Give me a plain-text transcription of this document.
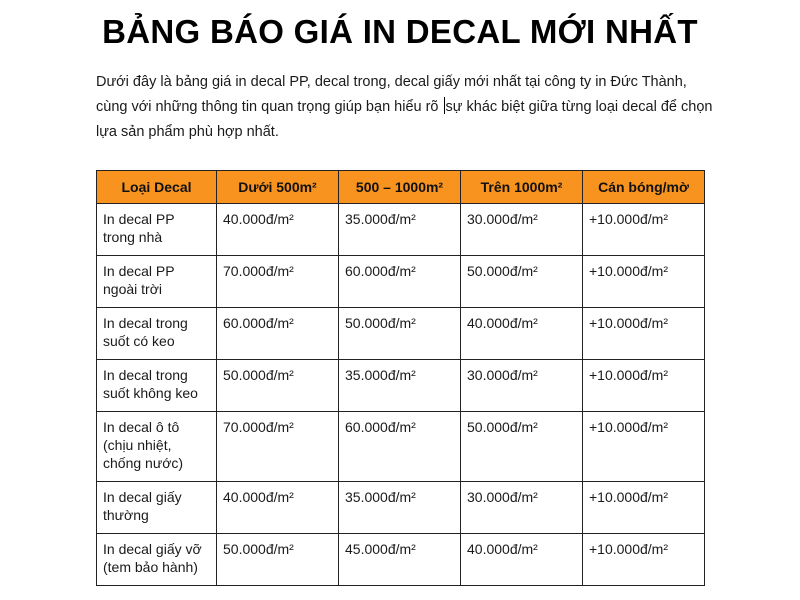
BẢNG BÁO GIÁ IN DECAL MỚI NHẤT

Dưới đây là bảng giá in decal PP, decal trong, decal giấy mới nhất tại công ty in Đức Thành, cùng với những thông tin quan trọng giúp bạn hiểu rõ sự khác biệt giữa từng loại decal để chọn lựa sản phẩm phù hợp nhất.

Loại Decal	Dưới 500m²	500 – 1000m²	Trên 1000m²	Cán bóng/mờ
In decal PP trong nhà	40.000đ/m²	35.000đ/m²	30.000đ/m²	+10.000đ/m²
In decal PP ngoài trời	70.000đ/m²	60.000đ/m²	50.000đ/m²	+10.000đ/m²
In decal trong suốt có keo	60.000đ/m²	50.000đ/m²	40.000đ/m²	+10.000đ/m²
In decal trong suốt không keo	50.000đ/m²	35.000đ/m²	30.000đ/m²	+10.000đ/m²
In decal ô tô (chịu nhiệt, chống nước)	70.000đ/m²	60.000đ/m²	50.000đ/m²	+10.000đ/m²
In decal giấy thường	40.000đ/m²	35.000đ/m²	30.000đ/m²	+10.000đ/m²
In decal giấy vỡ (tem bảo hành)	50.000đ/m²	45.000đ/m²	40.000đ/m²	+10.000đ/m²
